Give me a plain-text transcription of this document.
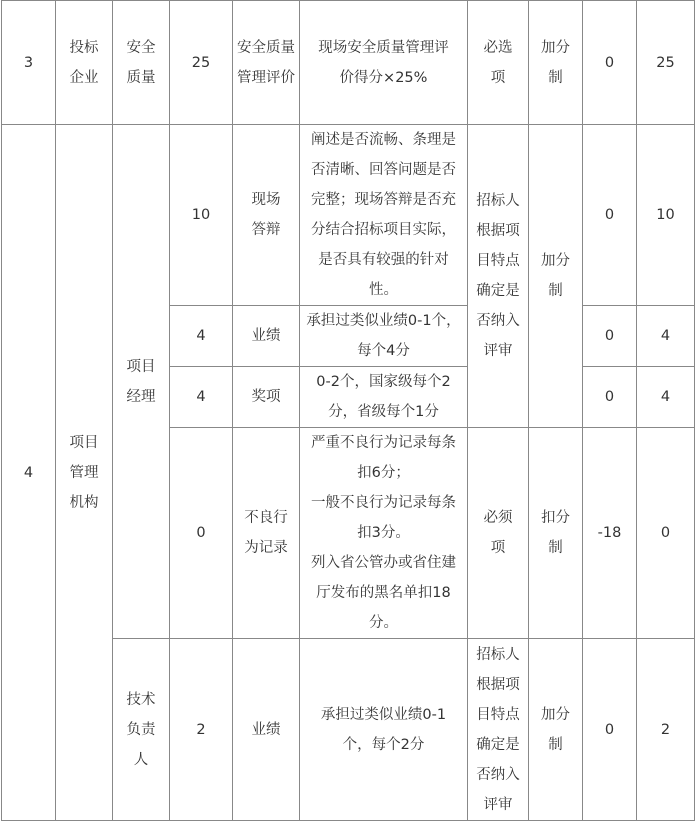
3	投标企业	安全质量	25	安全质量管理评价	现场安全质量管理评价得分×25%	必选项	加分制	0	25
4	项目管理机构	项目经理	10	现场答辩	阐述是否流畅、条理是否清晰、回答问题是否完整；现场答辩是否充分结合招标项目实际，是否具有较强的针对性。	招标人根据项目特点确定是否纳入评审	加分制	0	10
			4	业绩	承担过类似业绩0-1个，每个4分			0	4
			4	奖项	0-2个，国家级每个2分，省级每个1分			0	4
			0	不良行为记录	严重不良行为记录每条扣6分；
一般不良行为记录每条扣3分。
列入省公管办或省住建厅发布的黑名单扣18分。	必须项	扣分制	-18	0
		技术负责人	2	业绩	承担过类似业绩0-1个，每个2分	招标人根据项目特点确定是否纳入评审	加分制	0	2
